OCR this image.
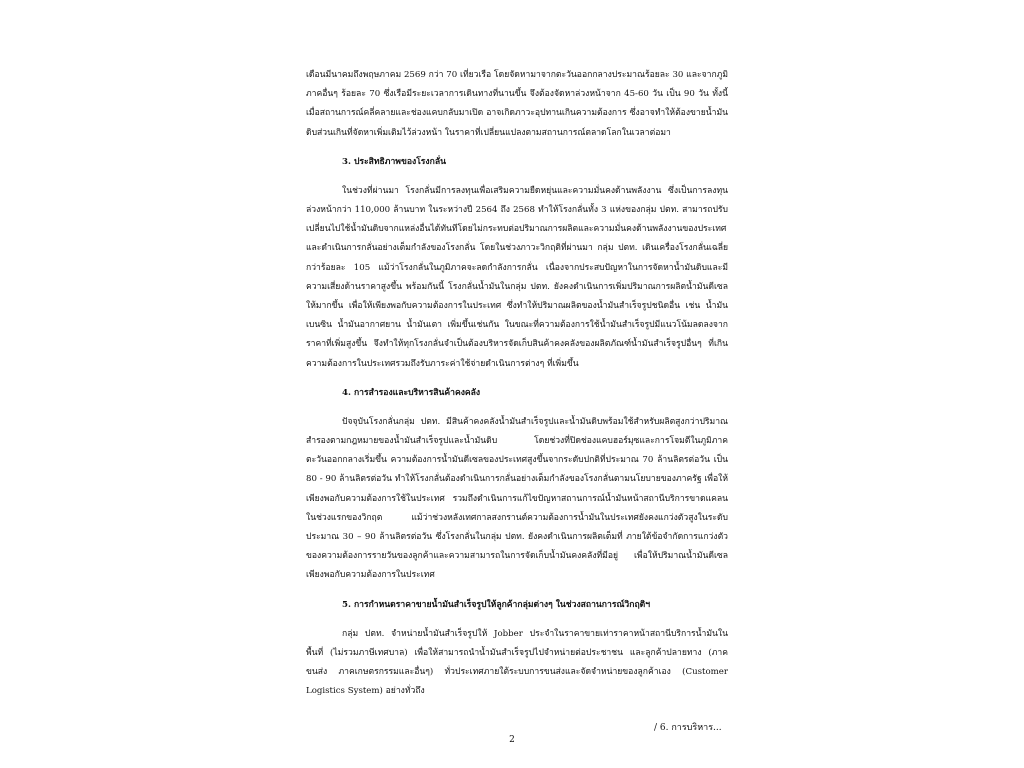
เดือนมีนาคมถึงพฤษภาคม 2569 กว่า 70 เที่ยวเรือ โดยจัดหามาจากตะวันออกกลางประมาณร้อยละ 30 และจากภูมิภาคอื่นๆ ร้อยละ 70 ซึ่งเรือมีระยะเวลาการเดินทางที่นานขึ้น จึงต้องจัดหาล่วงหน้าจาก 45-60 วัน เป็น 90 วัน ทั้งนี้ เมื่อสถานการณ์คลี่คลายและช่องแคบกลับมาเปิด อาจเกิดภาวะอุปทานเกินความต้องการ ซึ่งอาจทำให้ต้องขายน้ำมันดิบส่วนเกินที่จัดหาเพิ่มเติมไว้ล่วงหน้า ในราคาที่เปลี่ยนแปลงตามสถานการณ์ตลาดโลกในเวลาต่อมา

3. ประสิทธิภาพของโรงกลั่น

ในช่วงที่ผ่านมา โรงกลั่นมีการลงทุนเพื่อเสริมความยืดหยุ่นและความมั่นคงด้านพลังงาน ซึ่งเป็นการลงทุนล่วงหน้ากว่า 110,000 ล้านบาท ในระหว่างปี 2564 ถึง 2568 ทำให้โรงกลั่นทั้ง 3 แห่งของกลุ่ม ปตท. สามารถปรับเปลี่ยนไปใช้น้ำมันดิบจากแหล่งอื่นได้ทันทีโดยไม่กระทบต่อปริมาณการผลิตและความมั่นคงด้านพลังงานของประเทศ และดำเนินการกลั่นอย่างเต็มกำลังของโรงกลั่น โดยในช่วงภาวะวิกฤติที่ผ่านมา กลุ่ม ปตท. เดินเครื่องโรงกลั่นเฉลี่ยกว่าร้อยละ 105 แม้ว่าโรงกลั่นในภูมิภาคจะลดกำลังการกลั่น เนื่องจากประสบปัญหาในการจัดหาน้ำมันดิบและมีความเสี่ยงด้านราคาสูงขึ้น พร้อมกันนี้ โรงกลั่นน้ำมันในกลุ่ม ปตท. ยังคงดำเนินการเพิ่มปริมาณการผลิตน้ำมันดีเซลให้มากขึ้น เพื่อให้เพียงพอกับความต้องการในประเทศ ซึ่งทำให้ปริมาณผลิตของน้ำมันสำเร็จรูปชนิดอื่น เช่น น้ำมันเบนซิน น้ำมันอากาศยาน น้ำมันเตา เพิ่มขึ้นเช่นกัน ในขณะที่ความต้องการใช้น้ำมันสำเร็จรูปมีแนวโน้มลดลงจากราคาที่เพิ่มสูงขึ้น จึงทำให้ทุกโรงกลั่นจำเป็นต้องบริหารจัดเก็บสินค้าคงคลังของผลิตภัณฑ์น้ำมันสำเร็จรูปอื่นๆ ที่เกินความต้องการในประเทศรวมถึงรับภาระค่าใช้จ่ายดำเนินการต่างๆ ที่เพิ่มขึ้น

4. การสำรองและบริหารสินค้าคงคลัง

ปัจจุบันโรงกลั่นกลุ่ม ปตท. มีสินค้าคงคลังน้ำมันสำเร็จรูปและน้ำมันดิบพร้อมใช้สำหรับผลิตสูงกว่าปริมาณสำรองตามกฎหมายของน้ำมันสำเร็จรูปและน้ำมันดิบ โดยช่วงที่ปิดช่องแคบฮอร์มุซและการโจมตีในภูมิภาคตะวันออกกลางเริ่มขึ้น ความต้องการน้ำมันดีเซลของประเทศสูงขึ้นจากระดับปกติที่ประมาณ 70 ล้านลิตรต่อวัน เป็น 80 - 90 ล้านลิตรต่อวัน ทำให้โรงกลั่นต้องดำเนินการกลั่นอย่างเต็มกำลังของโรงกลั่นตามนโยบายของภาครัฐ เพื่อให้เพียงพอกับความต้องการใช้ในประเทศ รวมถึงดำเนินการแก้ไขปัญหาสถานการณ์น้ำมันหน้าสถานีบริการขาดแคลนในช่วงแรกของวิกฤต แม้ว่าช่วงหลังเทศกาลสงกรานต์ความต้องการน้ำมันในประเทศยังคงแกว่งตัวสูงในระดับประมาณ 30 – 90 ล้านลิตรต่อวัน ซึ่งโรงกลั่นในกลุ่ม ปตท. ยังคงดำเนินการผลิตเต็มที่ ภายใต้ข้อจำกัดการแกว่งตัวของความต้องการรายวันของลูกค้าและความสามารถในการจัดเก็บน้ำมันคงคลังที่มีอยู่ เพื่อให้ปริมาณน้ำมันดีเซลเพียงพอกับความต้องการในประเทศ

5. การกำหนดราคาขายน้ำมันสำเร็จรูปให้ลูกค้ากลุ่มต่างๆ ในช่วงสถานการณ์วิกฤติฯ

กลุ่ม ปตท. จำหน่ายน้ำมันสำเร็จรูปให้ Jobber ประจำในราคาขายเท่าราคาหน้าสถานีบริการน้ำมันในพื้นที่ (ไม่รวมภาษีเทศบาล) เพื่อให้สามารถนำน้ำมันสำเร็จรูปไปจำหน่ายต่อประชาชน และลูกค้าปลายทาง (ภาคขนส่ง ภาคเกษตรกรรมและอื่นๆ) ทั่วประเทศภายใต้ระบบการขนส่งและจัดจำหน่ายของลูกค้าเอง (Customer Logistics System) อย่างทั่วถึง

/ 6. การบริหาร...
2
